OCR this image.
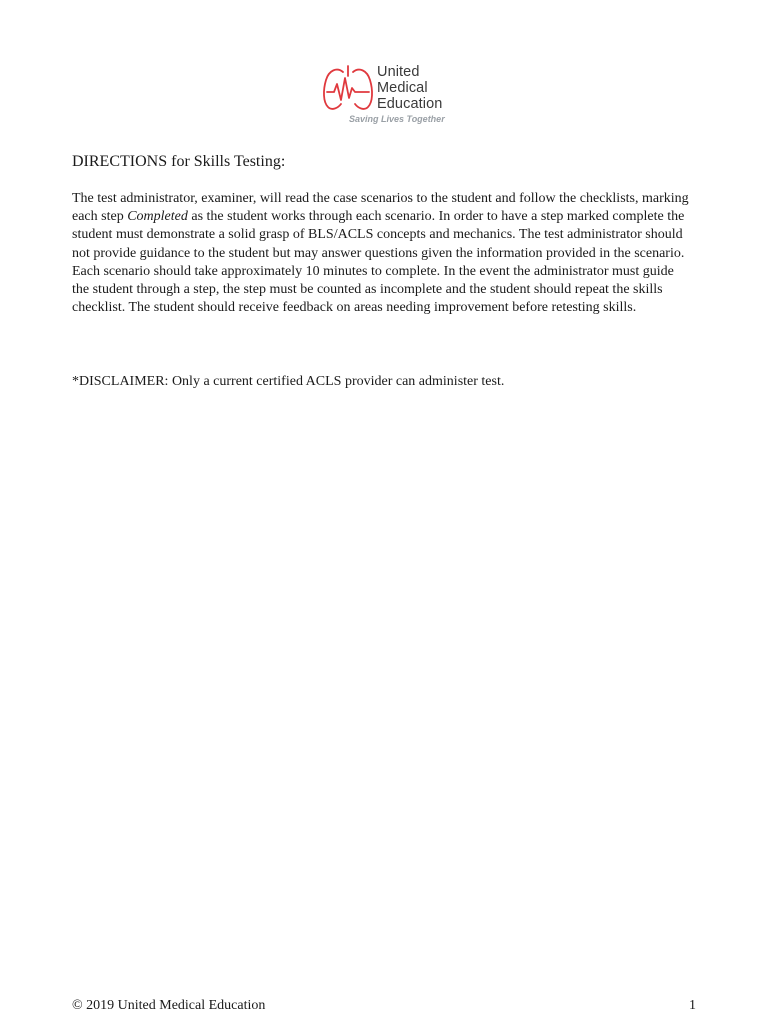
United
Medical
Education
Saving Lives Together
DIRECTIONS for Skills Testing:

The test administrator, examiner, will read the case scenarios to the student and follow the checklists, marking each step Completed as the student works through each scenario. In order to have a step marked complete the student must demonstrate a solid grasp of BLS/ACLS concepts and mechanics. The test administrator should not provide guidance to the student but may answer questions given the information provided in the scenario. Each scenario should take approximately 10 minutes to complete. In the event the administrator must guide the student through a step, the step must be counted as incomplete and the student should repeat the skills checklist. The student should receive feedback on areas needing improvement before retesting skills.

*DISCLAIMER: Only a current certified ACLS provider can administer test.

© 2019 United Medical Education	1
